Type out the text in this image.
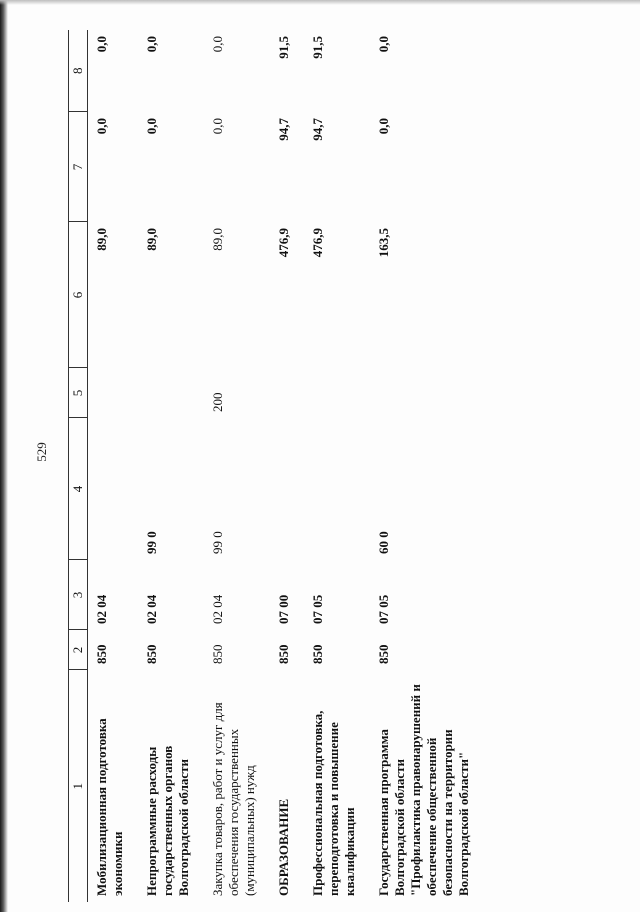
529
1	2	3	4	5	6	7	8
Мобилизационная подготовка экономики	850	02 04			89,0	0,0	0,0
Непрограммные расходы государственных органов Волгоградской области	850	02 04	99 0		89,0	0,0	0,0
Закупка товаров, работ и услуг для обеспечения государственных (муниципальных) нужд	850	02 04	99 0	200	89,0	0,0	0,0
ОБРАЗОВАНИЕ	850	07 00			476,9	94,7	91,5
Профессиональная подготовка, переподготовка и повышение квалификации	850	07 05			476,9	94,7	91,5
Государственная программа Волгоградской области "Профилактика правонарушений и обеспечение общественной безопасности на территории Волгоградской области"	850	07 05	60 0		163,5	0,0	0,0
